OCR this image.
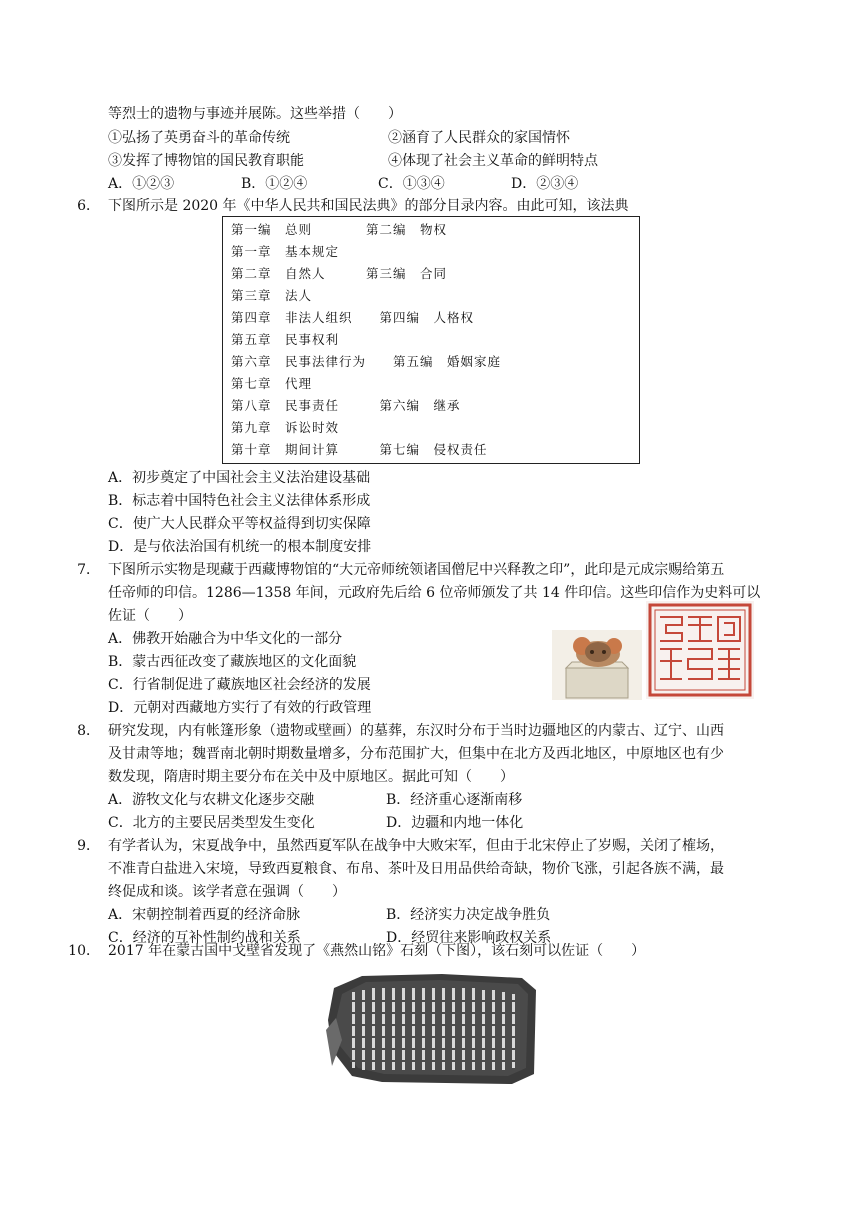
等烈士的遗物与事迹并展陈。这些举措（　　）
①弘扬了英勇奋斗的革命传统	②涵育了人民群众的家国情怀
③发挥了博物馆的国民教育职能	④体现了社会主义革命的鲜明特点
A．①②③	B．①②④	C．①③④	D．②③④
6． 下图所示是 2020 年《中华人民共和国民法典》的部分目录内容。由此可知，该法典
第一编　总则　　　　第二编　物权
第一章　基本规定
第二章　自然人　　　第三编　合同
第三章　法人
第四章　非法人组织　　第四编　人格权
第五章　民事权利
第六章　民事法律行为　　第五编　婚姻家庭
第七章　代理
第八章　民事责任　　　第六编　继承
第九章　诉讼时效
第十章　期间计算　　　第七编　侵权责任
A．初步奠定了中国社会主义法治建设基础
B．标志着中国特色社会主义法律体系形成
C．使广大人民群众平等权益得到切实保障
D．是与依法治国有机统一的根本制度安排
7． 下图所示实物是现藏于西藏博物馆的“大元帝师统领诸国僧尼中兴释教之印”，此印是元成宗赐给第五
任帝师的印信。1286—1358 年间，元政府先后给 6 位帝师颁发了共 14 件印信。这些印信作为史料可以
佐证（　　）
A．佛教开始融合为中华文化的一部分
B．蒙古西征改变了藏族地区的文化面貌
C．行省制促进了藏族地区社会经济的发展
D．元朝对西藏地方实行了有效的行政管理
8． 研究发现，内有帐篷形象（遗物或壁画）的墓葬，东汉时分布于当时边疆地区的内蒙古、辽宁、山西
及甘肃等地；魏晋南北朝时期数量增多，分布范围扩大，但集中在北方及西北地区，中原地区也有少
数发现，隋唐时期主要分布在关中及中原地区。据此可知（　　）
A．游牧文化与农耕文化逐步交融	B．经济重心逐渐南移
C．北方的主要民居类型发生变化	D．边疆和内地一体化
9． 有学者认为，宋夏战争中，虽然西夏军队在战争中大败宋军，但由于北宋停止了岁赐，关闭了榷场，
不准青白盐进入宋境，导致西夏粮食、布帛、茶叶及日用品供给奇缺，物价飞涨，引起各族不满，最
终促成和谈。该学者意在强调（　　）
A．宋朝控制着西夏的经济命脉	B．经济实力决定战争胜负
C．经济的互补性制约战和关系	D．经贸往来影响政权关系
10． 2017 年在蒙古国中戈壁省发现了《燕然山铭》石刻（下图），该石刻可以佐证（　　）
